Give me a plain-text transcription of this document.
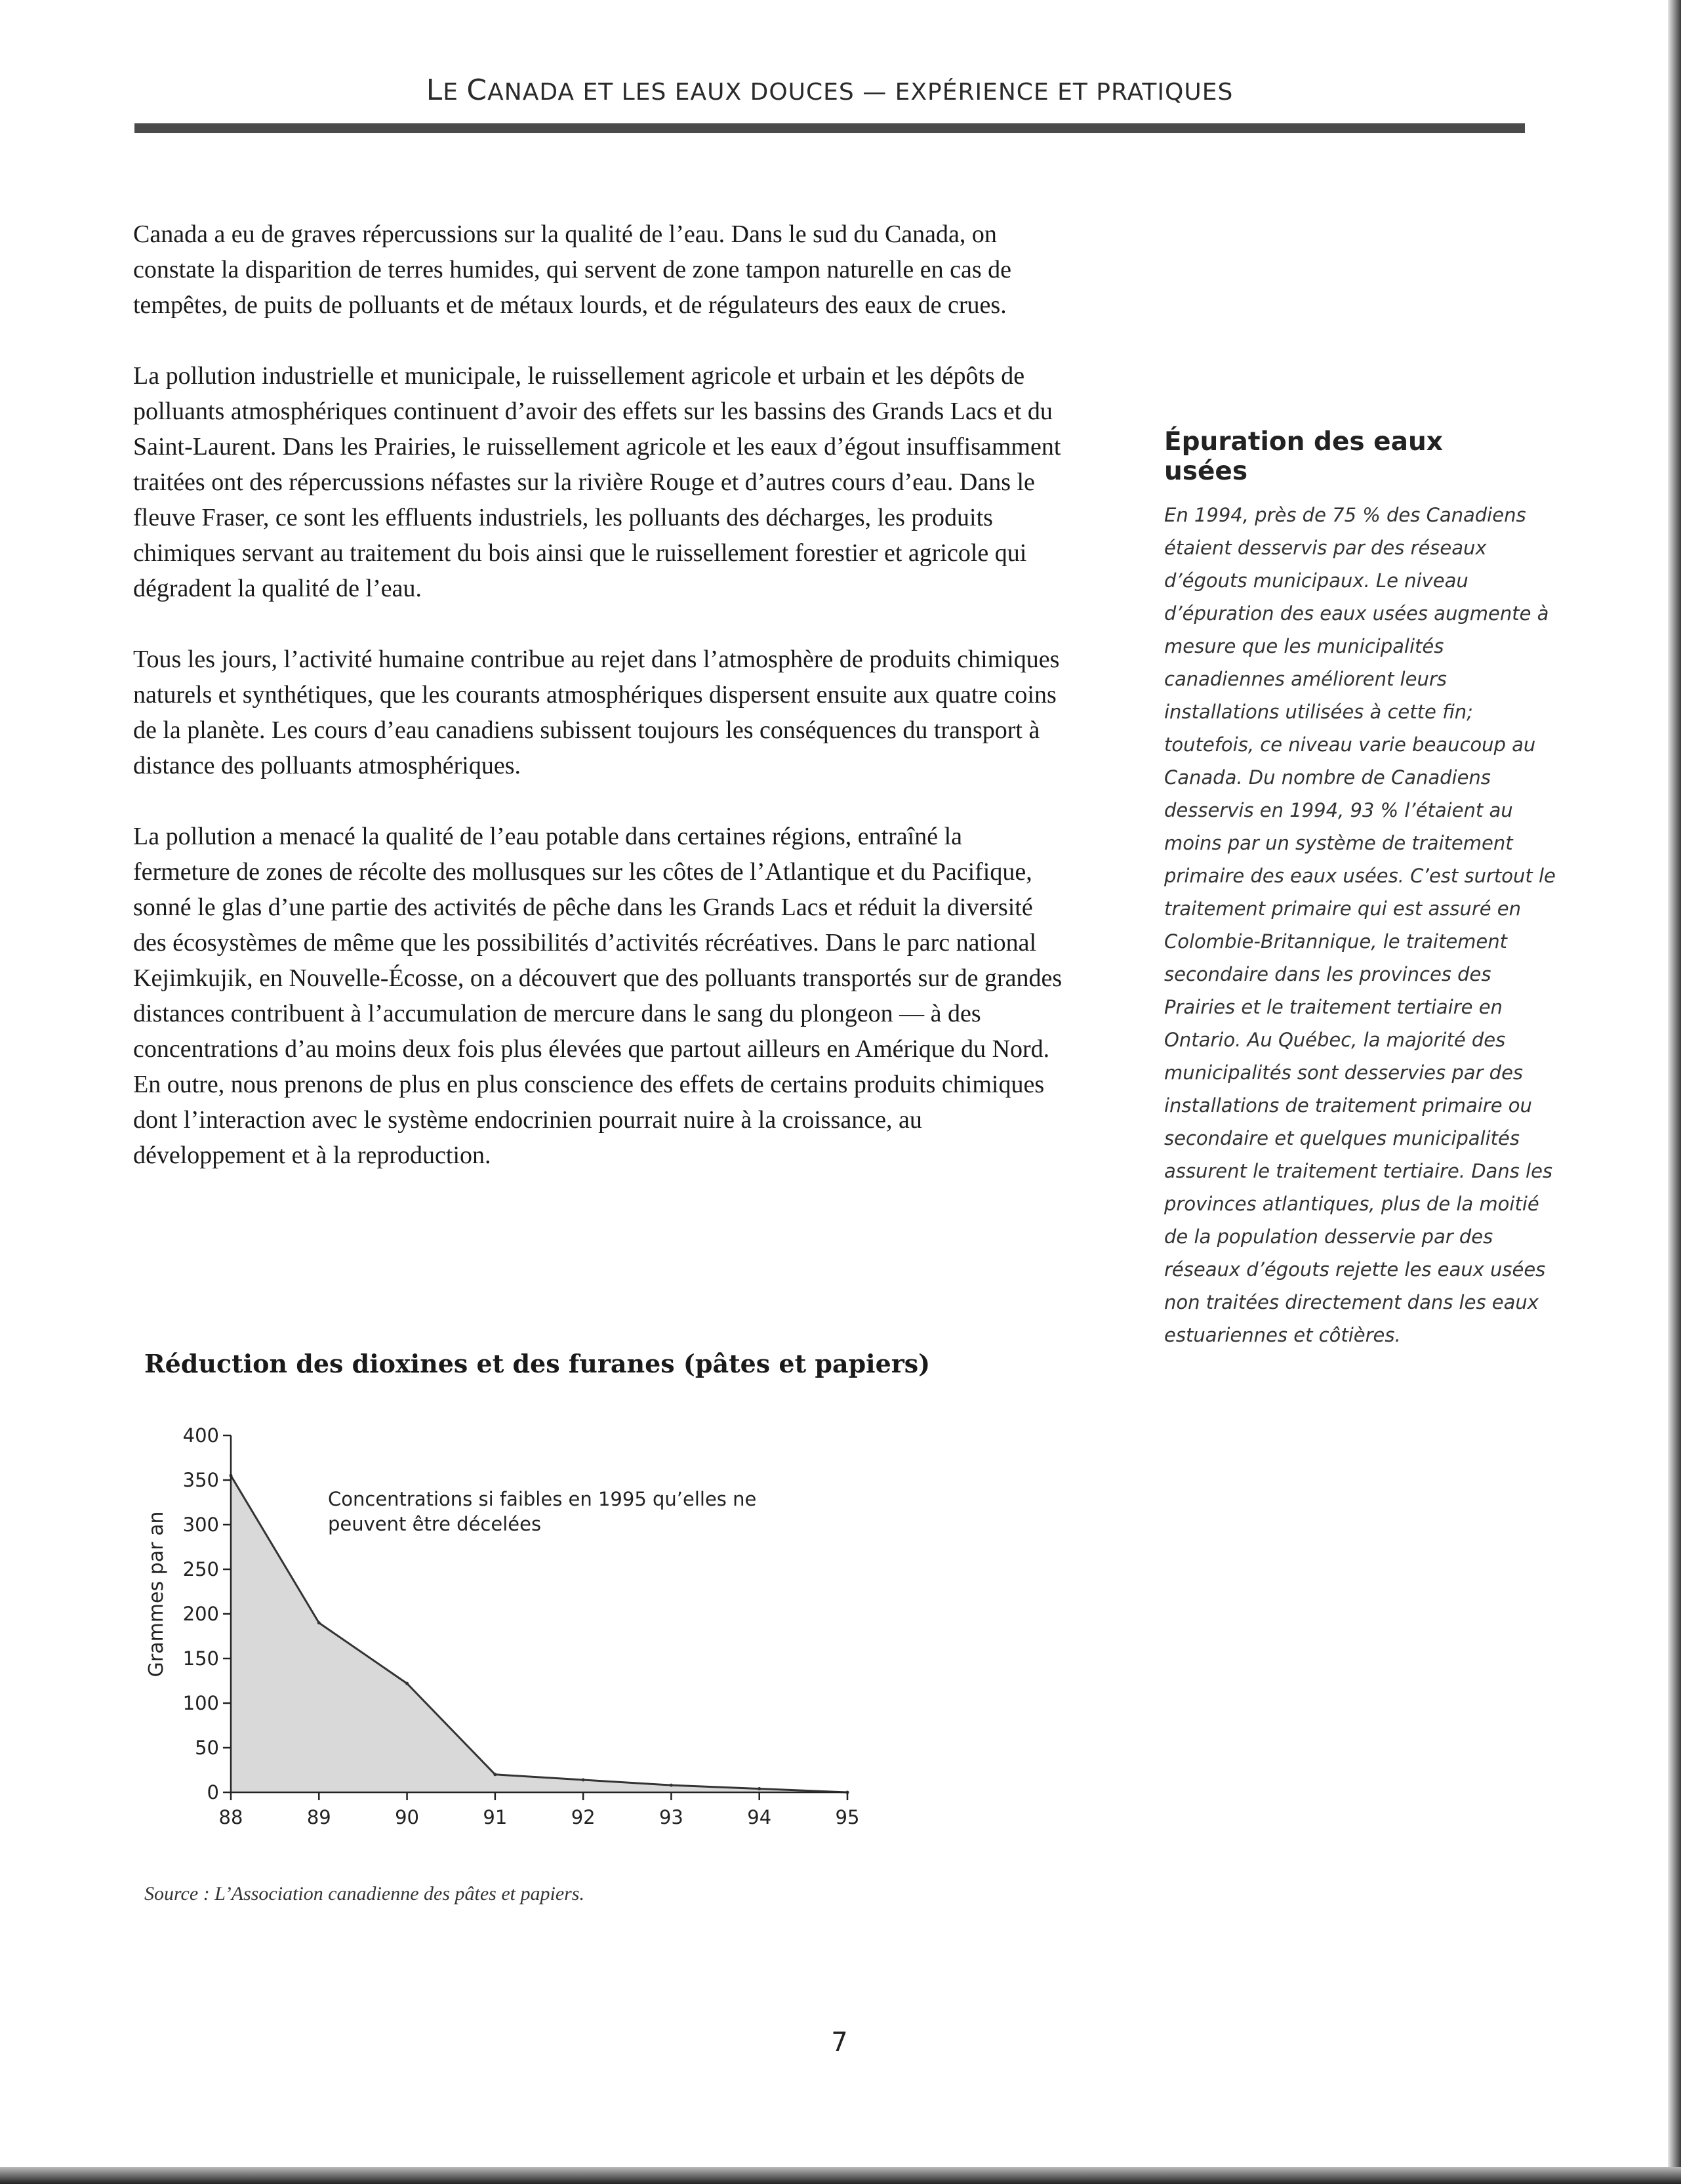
LE CANADA ET LES EAUX DOUCES — EXPÉRIENCE ET PRATIQUES

Canada a eu de graves répercussions sur la qualité de l’eau. Dans le sud du Canada, on constate la disparition de terres humides, qui servent de zone tampon naturelle en cas de tempêtes, de puits de polluants et de métaux lourds, et de régulateurs des eaux de crues.

La pollution industrielle et municipale, le ruissellement agricole et urbain et les dépôts de polluants atmosphériques continuent d’avoir des effets sur les bassins des Grands Lacs et du Saint-Laurent. Dans les Prairies, le ruissellement agricole et les eaux d’égout insuffisamment traitées ont des répercussions néfastes sur la rivière Rouge et d’autres cours d’eau. Dans le fleuve Fraser, ce sont les effluents industriels, les polluants des décharges, les produits chimiques servant au traitement du bois ainsi que le ruissellement forestier et agricole qui dégradent la qualité de l’eau.

Tous les jours, l’activité humaine contribue au rejet dans l’atmosphère de produits chimiques naturels et synthétiques, que les courants atmosphériques dispersent ensuite aux quatre coins de la planète. Les cours d’eau canadiens subissent toujours les conséquences du transport à distance des polluants atmosphériques.

La pollution a menacé la qualité de l’eau potable dans certaines régions, entraîné la fermeture de zones de récolte des mollusques sur les côtes de l’Atlantique et du Pacifique, sonné le glas d’une partie des activités de pêche dans les Grands Lacs et réduit la diversité des écosystèmes de même que les possibilités d’activités récréatives. Dans le parc national Kejimkujik, en Nouvelle-Écosse, on a découvert que des polluants transportés sur de grandes distances contribuent à l’accumulation de mercure dans le sang du plongeon — à des concentrations d’au moins deux fois plus élevées que partout ailleurs en Amérique du Nord. En outre, nous prenons de plus en plus conscience des effets de certains produits chimiques dont l’interaction avec le système endocrinien pourrait nuire à la croissance, au développement et à la reproduction.

Épuration des eaux usées
En 1994, près de 75 % des Canadiens étaient desservis par des réseaux d’égouts municipaux. Le niveau d’épuration des eaux usées augmente à mesure que les municipalités canadiennes améliorent leurs installations utilisées à cette fin; toutefois, ce niveau varie beaucoup au Canada. Du nombre de Canadiens desservis en 1994, 93 % l’étaient au moins par un système de traitement primaire des eaux usées. C’est surtout le traitement primaire qui est assuré en Colombie-Britannique, le traitement secondaire dans les provinces des Prairies et le traitement tertiaire en Ontario. Au Québec, la majorité des municipalités sont desservies par des installations de traitement primaire ou secondaire et quelques municipalités assurent le traitement tertiaire. Dans les provinces atlantiques, plus de la moitié de la population desservie par des réseaux d’égouts rejette les eaux usées non traitées directement dans les eaux estuariennes et côtières.
Réduction des dioxines et des furanes (pâtes et papiers)
Grammes par an
Concentrations si faibles en 1995 qu’elles ne
peuvent être décelées
0
50
100
150
200
250
300
350
400
88	89	90	91	92	93	94	95
Source : L’Association canadienne des pâtes et papiers.
7
